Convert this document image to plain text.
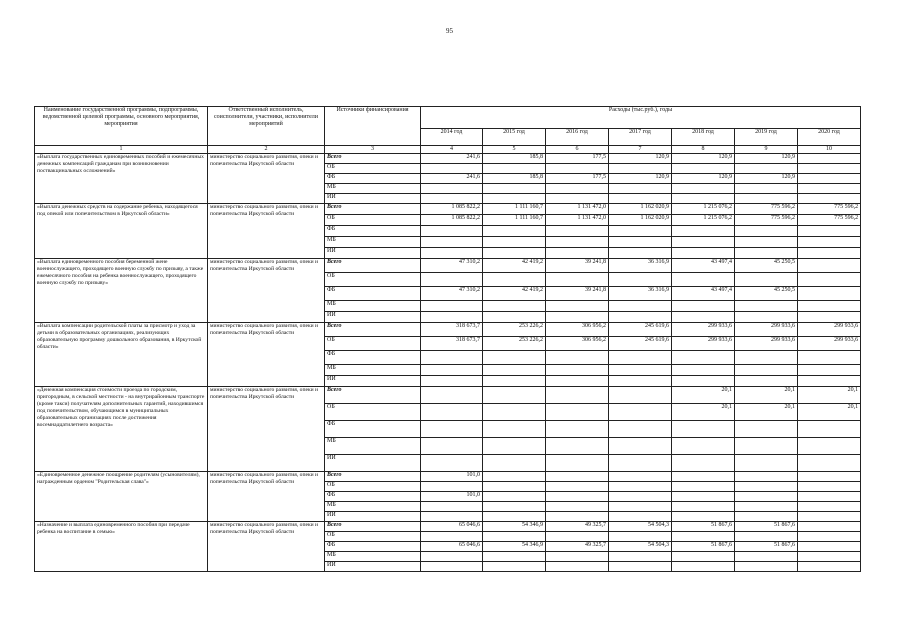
95
Наименование государственной программы, подпрограммы, ведомственной целевой программы, основного мероприятия, мероприятия	Ответственный исполнитель, соисполнители, участники, исполнители мероприятий	Источники финансирования	Расходы (тыс.руб.), годы						
			2014 год	2015 год	2016 год	2017 год	2018 год	2019 год	2020 год
1	2	3	4	5	6	7	8	9	10
«Выплата государственных единовременных пособий и ежемесячных денежных компенсаций гражданам при возникновении поствакцинальных осложнений»	министерство социального развития, опеки и попечительства Иркутской области	Всего	241,6	185,8	177,5	120,9	120,9	120,9	
		ОБ							
		ФБ	241,6	185,8	177,5	120,9	120,9	120,9	
		МБ							
		ИИ							
«Выплата денежных средств на содержание ребенка, находящегося под опекой или попечительством в Иркутской области»	министерство социального развития, опеки и попечительства Иркутской области	Всего	1 085 822,2	1 111 160,7	1 131 472,0	1 162 020,9	1 215 076,2	775 596,2	775 596,2
		ОБ	1 085 822,2	1 111 160,7	1 131 472,0	1 162 020,9	1 215 076,2	775 596,2	775 596,2
		ФБ							
		МБ							
		ИИ							
«Выплата единовременного пособия беременной жене военнослужащего, проходящего военную службу по призыву, а также ежемесячного пособия на ребенка военнослужащего, проходящего военную службу по призыву»	министерство социального развития, опеки и попечительства Иркутской области	Всего	47 310,2	42 419,2	39 241,8	36 316,9	43 497,4	45 250,5	
		ОБ							
		ФБ	47 310,2	42 419,2	39 241,8	36 316,9	43 497,4	45 250,5	
		МБ							
		ИИ							
«Выплата компенсации родительской платы за присмотр и уход за детьми в образовательных организациях, реализующих образовательную программу дошкольного образования, в Иркутской области»	министерство социального развития, опеки и попечительства Иркутской области	Всего	318 673,7	253 226,2	306 956,2	245 619,6	299 933,6	299 933,6	299 933,6
		ОБ	318 673,7	253 226,2	306 956,2	245 619,6	299 933,6	299 933,6	299 933,6
		ФБ							
		МБ							
		ИИ							
«Денежная компенсация стоимости проезда по городским, пригородным, в сельской местности - на внутрирайонным транспорте (кроме такси) получателям дополнительных гарантий, находившимся под попечительством, обучающимся в муниципальных образовательных организациях после достижения восемнадцатилетнего возраста»	министерство социального развития, опеки и попечительства Иркутской области	Всего					20,1	20,1	20,1
		ОБ					20,1	20,1	20,1
		ФБ							
		МБ							
		ИИ							
«Единовременное денежное поощрение родителям (усыновителям), награжденным орденом "Родительская слава"»	министерство социального развития, опеки и попечительства Иркутской области	Всего	101,0						
		ОБ							
		ФБ	101,0						
		МБ							
		ИИ							
«Назначение и выплата единовременного пособия при передаче ребенка на воспитание в семью»	министерство социального развития, опеки и попечительства Иркутской области	Всего	65 046,6	54 346,9	49 325,7	54 504,3	51 867,6	51 867,6	
		ОБ							
		ФБ	65 046,6	54 346,9	49 325,7	54 504,3	51 867,6	51 867,6	
		МБ							
		ИИ							
